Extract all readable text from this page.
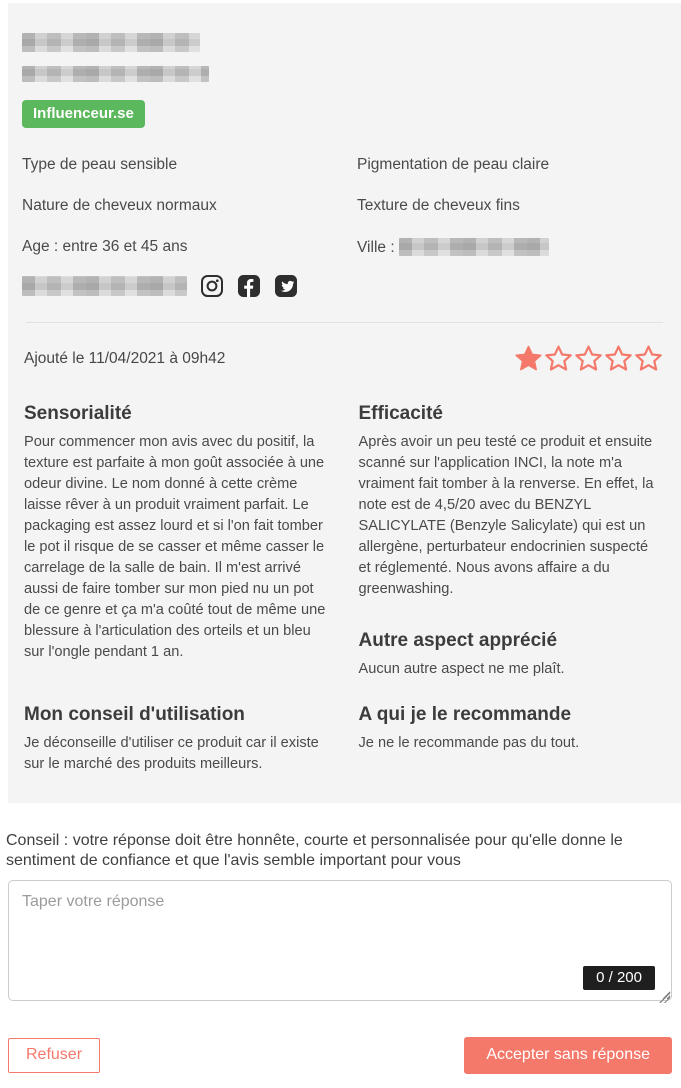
Influenceur.se
Type de peau sensible	Pigmentation de peau claire
Nature de cheveux normaux	Texture de cheveux fins
Age : entre 36 et 45 ans	Ville :
Ajouté le 11/04/2021 à 09h42
Sensorialité

Pour commencer mon avis avec du positif, la texture est parfaite à mon goût associée à une odeur divine. Le nom donné à cette crème laisse rêver à un produit vraiment parfait. Le packaging est assez lourd et si l'on fait tomber le pot il risque de se casser et même casser le carrelage de la salle de bain. Il m'est arrivé aussi de faire tomber sur mon pied nu un pot de ce genre et ça m'a coûté tout de même une blessure à l'articulation des orteils et un bleu sur l'ongle pendant 1 an.

Efficacité

Après avoir un peu testé ce produit et ensuite scanné sur l'application INCI, la note m'a vraiment fait tomber à la renverse. En effet, la note est de 4,5/20 avec du BENZYL SALICYLATE (Benzyle Salicylate) qui est un allergène, perturbateur endocrinien suspecté et réglementé. Nous avons affaire a du greenwashing.

Autre aspect apprécié

Aucun autre aspect ne me plaît.

Mon conseil d'utilisation

Je déconseille d'utiliser ce produit car il existe sur le marché des produits meilleurs.

A qui je le recommande

Je ne le recommande pas du tout.

Conseil : votre réponse doit être honnête, courte et personnalisée pour qu'elle donne le sentiment de confiance et que l'avis semble important pour vous

Taper votre réponse
0 / 200
Refuser	Accepter sans réponse
